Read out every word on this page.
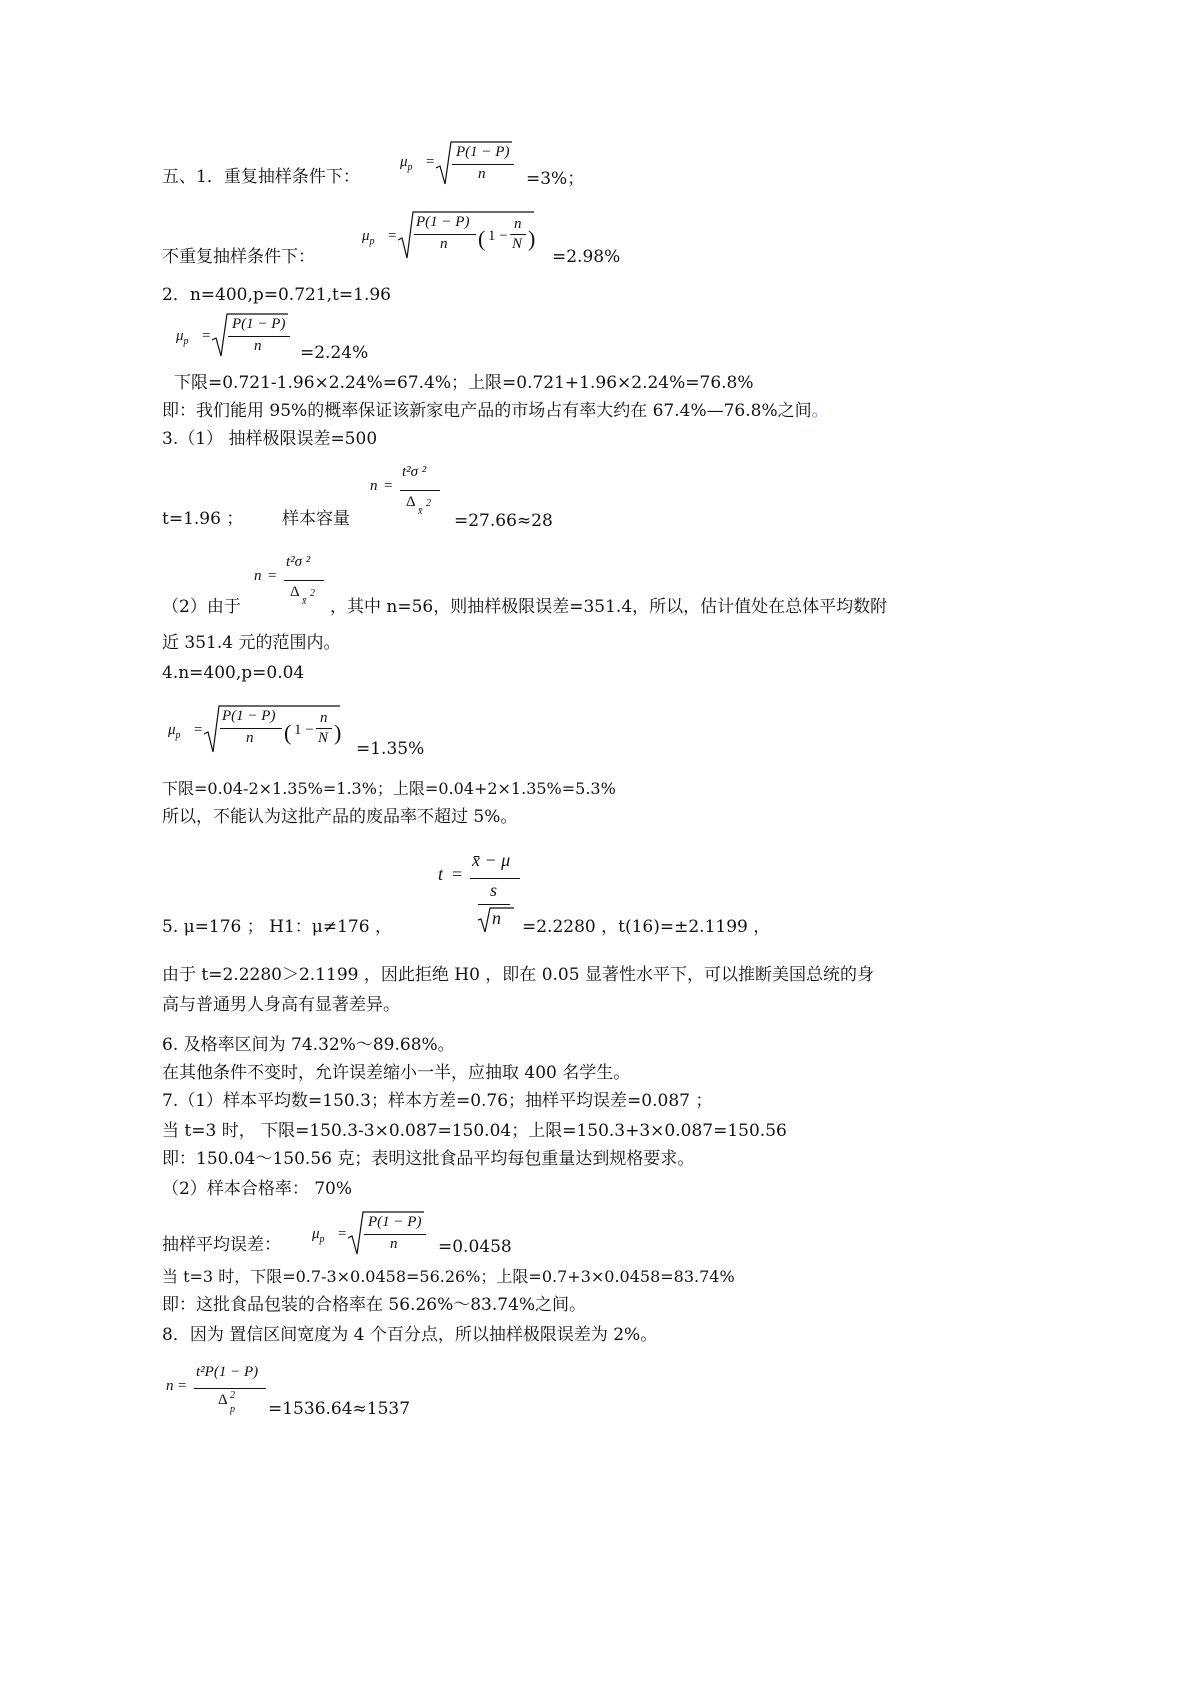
五、1．重复抽样条件下：
$\mu_p$ =
P(1 − P)
n =3%；
不重复抽样条件下：
$\mu_p$ =
P(1 − P)
n ( 1 −
n
N )
=2.98%
2．n=400,p=0.721,t=1.96
$\mu_p$ =
P(1 − P)
n =2.24%
下限=0.721-1.96×2.24%=67.4%；上限=0.721+1.96×2.24%=76.8%
即：我们能用 95%的概率保证该新家电产品的市场占有率大约在 67.4%—76.8%之间。
3.（1） 抽样极限误差=500
n =
t²σ ²
Δ
x̄
2
t=1.96 ； 样本容量	=27.66≈28
n =
t²σ ²
Δ
x̄
2
（2）由于	，其中 n=56，则抽样极限误差=351.4，所以，估计值处在总体平均数附
近 351.4 元的范围内。
4.n=400,p=0.04
$\mu_p$ =
P(1 − P)
n ( 1 −
n
N )
=1.35%
下限=0.04-2×1.35%=1.3%；上限=0.04+2×1.35%=5.3%
所以，不能认为这批产品的废品率不超过 5%。
t =
x̄ − μ
s
n
5. μ=176 ； H1：μ≠176 ，	=2.2280 ，t(16)=±2.1199 ，
由于 t=2.2280＞2.1199 ，因此拒绝 H0 ，即在 0.05 显著性水平下，可以推断美国总统的身
高与普通男人身高有显著差异。
6. 及格率区间为 74.32%～89.68%。
在其他条件不变时，允许误差缩小一半，应抽取 400 名学生。
7.（1）样本平均数=150.3；样本方差=0.76；抽样平均误差=0.087 ；
当 t=3 时， 下限=150.3-3×0.087=150.04；上限=150.3+3×0.087=150.56
即：150.04～150.56 克；表明这批食品平均每包重量达到规格要求。
（2）样本合格率： 70%
抽样平均误差：
$\mu_p$ =
P(1 − P)
n =0.0458
当 t=3 时，下限=0.7-3×0.0458=56.26%；上限=0.7+3×0.0458=83.74%
即：这批食品包装的合格率在 56.26%～83.74%之间。
8．因为 置信区间宽度为 4 个百分点，所以抽样极限误差为 2%。
n =
t²P(1 − P)
Δ 2
p =1536.64≈1537
